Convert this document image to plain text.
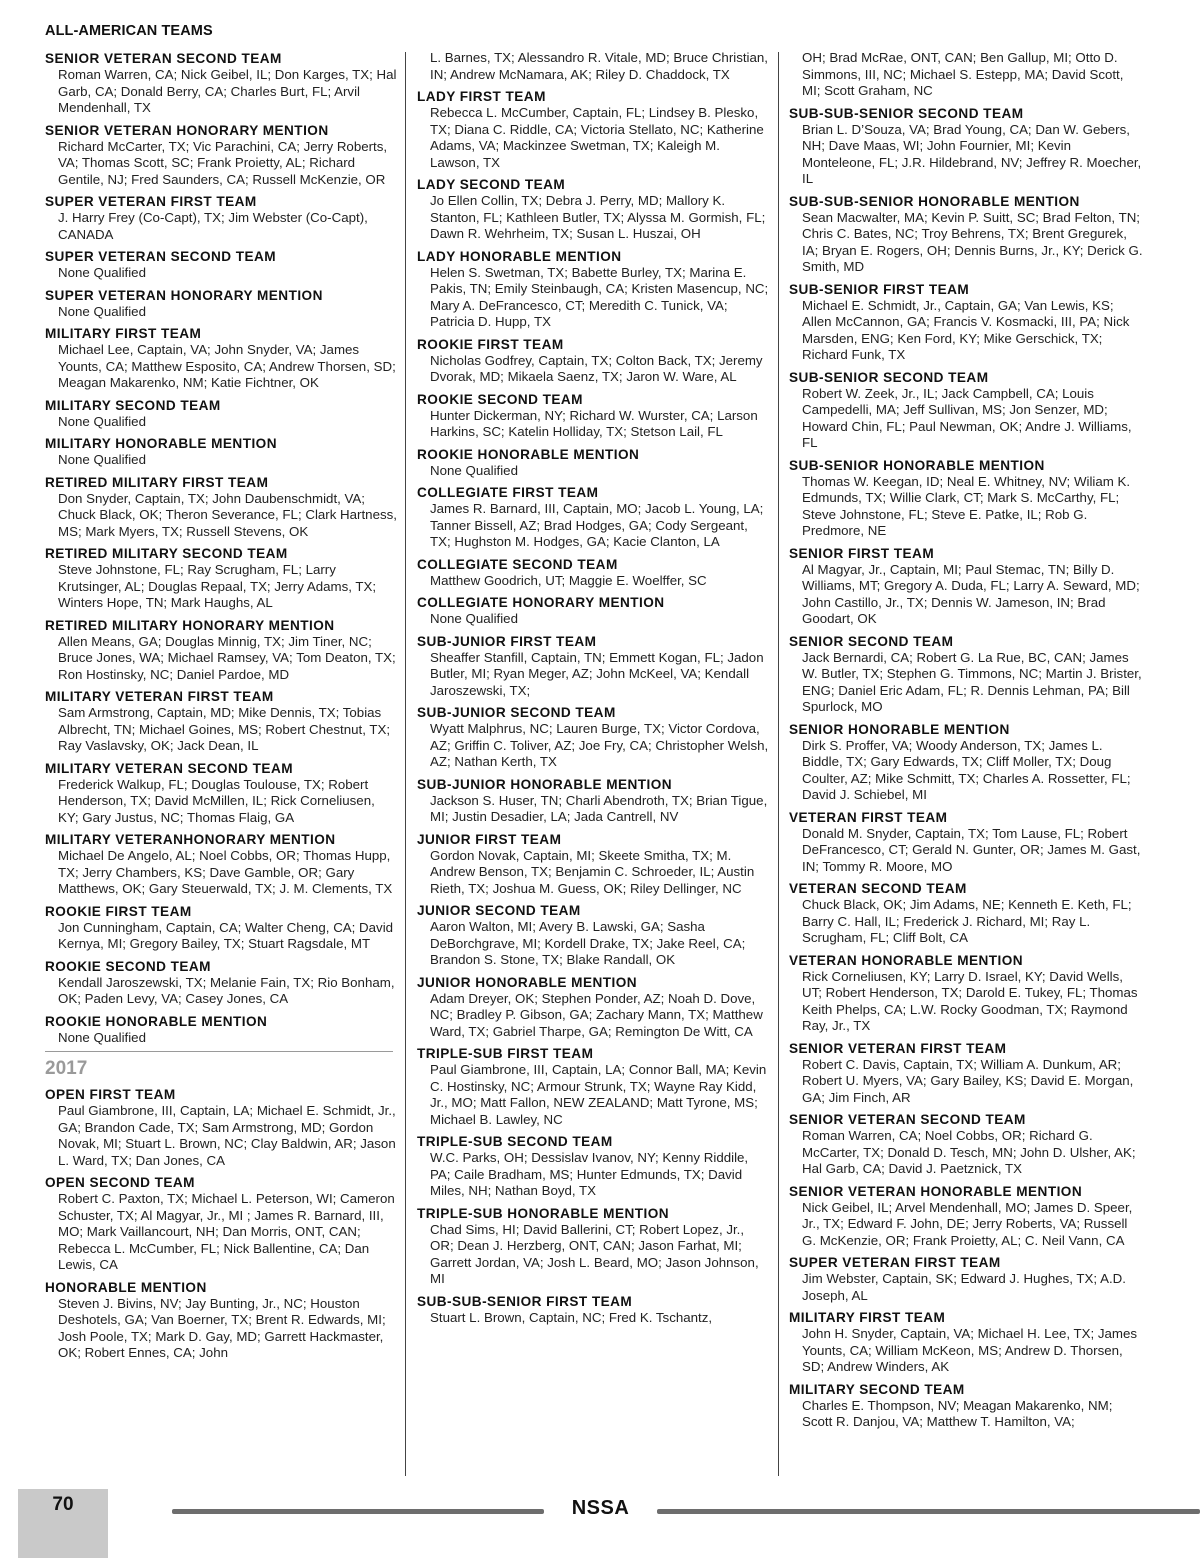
ALL-AMERICAN TEAMS
SENIOR VETERAN SECOND TEAM
Roman Warren, CA; Nick Geibel, IL; Don Karges, TX; Hal Garb, CA; Donald Berry, CA; Charles Burt, FL; Arvil Mendenhall, TX
SENIOR VETERAN HONORARY MENTION
Richard McCarter, TX; Vic Parachini, CA; Jerry Roberts, VA; Thomas Scott, SC; Frank Proietty, AL; Richard Gentile, NJ; Fred Saunders, CA; Russell McKenzie, OR
SUPER VETERAN FIRST TEAM
J. Harry Frey (Co-Capt), TX; Jim Webster (Co-Capt), CANADA
SUPER VETERAN SECOND TEAM
None Qualified
SUPER VETERAN HONORARY MENTION
None Qualified
MILITARY FIRST TEAM
Michael Lee, Captain, VA; John Snyder, VA; James Younts, CA; Matthew Esposito, CA; Andrew Thorsen, SD; Meagan Makarenko, NM; Katie Fichtner, OK
MILITARY SECOND TEAM
None Qualified
MILITARY HONORABLE MENTION
None Qualified
RETIRED MILITARY FIRST TEAM
Don Snyder, Captain, TX; John Daubenschmidt, VA; Chuck Black, OK; Theron Severance, FL; Clark Hartness, MS; Mark Myers, TX; Russell Stevens, OK
RETIRED MILITARY SECOND TEAM
Steve Johnstone, FL; Ray Scrugham, FL; Larry Krutsinger, AL; Douglas Repaal, TX; Jerry Adams, TX; Winters Hope, TN; Mark Haughs, AL
RETIRED MILITARY HONORARY MENTION
Allen Means, GA; Douglas Minnig, TX; Jim Tiner, NC; Bruce Jones, WA; Michael Ramsey, VA; Tom Deaton, TX; Ron Hostinsky, NC; Daniel Pardoe, MD
MILITARY VETERAN FIRST TEAM
Sam Armstrong, Captain, MD; Mike Dennis, TX; Tobias Albrecht, TN; Michael Goines, MS; Robert Chestnut, TX; Ray Vaslavsky, OK; Jack Dean, IL
MILITARY VETERAN SECOND TEAM
Frederick Walkup, FL; Douglas Toulouse, TX; Robert Henderson, TX; David McMillen, IL; Rick Corneliusen, KY; Gary Justus, NC; Thomas Flaig, GA
MILITARY VETERANHONORARY MENTION
Michael De Angelo, AL; Noel Cobbs, OR; Thomas Hupp, TX; Jerry Chambers, KS; Dave Gamble, OR; Gary Matthews, OK; Gary Steuerwald, TX; J. M. Clements, TX
ROOKIE FIRST TEAM
Jon Cunningham, Captain, CA; Walter Cheng, CA; David Kernya, MI; Gregory Bailey, TX; Stuart Ragsdale, MT
ROOKIE SECOND TEAM
Kendall Jaroszewski, TX; Melanie Fain, TX; Rio Bonham, OK; Paden Levy, VA; Casey Jones, CA
ROOKIE HONORABLE MENTION
None Qualified
2017
OPEN FIRST TEAM
Paul Giambrone, III, Captain, LA; Michael E. Schmidt, Jr., GA; Brandon Cade, TX; Sam Armstrong, MD; Gordon Novak, MI; Stuart L. Brown, NC; Clay Baldwin, AR; Jason L. Ward, TX; Dan Jones, CA
OPEN SECOND TEAM
Robert C. Paxton, TX; Michael L. Peterson, WI; Cameron Schuster, TX; Al Magyar, Jr., MI ; James R. Barnard, III, MO; Mark Vaillancourt, NH; Dan Morris, ONT, CAN; Rebecca L. McCumber, FL; Nick Ballentine, CA; Dan Lewis, CA
HONORABLE MENTION
Steven J. Bivins, NV; Jay Bunting, Jr., NC; Houston Deshotels, GA; Van Boerner, TX; Brent R. Edwards, MI; Josh Poole, TX; Mark D. Gay, MD; Garrett Hackmaster, OK; Robert Ennes, CA; John
L. Barnes, TX; Alessandro R. Vitale, MD; Bruce Christian, IN; Andrew McNamara, AK; Riley D. Chaddock, TX
LADY FIRST TEAM
Rebecca L. McCumber, Captain, FL; Lindsey B. Plesko, TX; Diana C. Riddle, CA; Victoria Stellato, NC; Katherine Adams, VA; Mackinzee Swetman, TX; Kaleigh M. Lawson, TX
LADY SECOND TEAM
Jo Ellen Collin, TX; Debra J. Perry, MD; Mallory K. Stanton, FL; Kathleen Butler, TX; Alyssa M. Gormish, FL; Dawn R. Wehrheim, TX; Susan L. Huszai, OH
LADY HONORABLE MENTION
Helen S. Swetman, TX; Babette Burley, TX; Marina E. Pakis, TN; Emily Steinbaugh, CA; Kristen Masencup, NC; Mary A. DeFrancesco, CT; Meredith C. Tunick, VA; Patricia D. Hupp, TX
ROOKIE FIRST TEAM
Nicholas Godfrey, Captain, TX; Colton Back, TX; Jeremy Dvorak, MD; Mikaela Saenz, TX; Jaron W. Ware, AL
ROOKIE SECOND TEAM
Hunter Dickerman, NY; Richard W. Wurster, CA; Larson Harkins, SC; Katelin Holliday, TX; Stetson Lail, FL
ROOKIE HONORABLE MENTION
None Qualified
COLLEGIATE FIRST TEAM
James R. Barnard, III, Captain, MO; Jacob L. Young, LA; Tanner Bissell, AZ; Brad Hodges, GA; Cody Sergeant, TX; Hughston M. Hodges, GA; Kacie Clanton, LA
COLLEGIATE SECOND TEAM
Matthew Goodrich, UT; Maggie E. Woelffer, SC
COLLEGIATE HONORARY MENTION
None Qualified
SUB-JUNIOR FIRST TEAM
Sheaffer Stanfill, Captain, TN; Emmett Kogan, FL; Jadon Butler, MI; Ryan Meger, AZ; John McKeel, VA; Kendall Jaroszewski, TX;
SUB-JUNIOR SECOND TEAM
Wyatt Malphrus, NC; Lauren Burge, TX; Victor Cordova, AZ; Griffin C. Toliver, AZ; Joe Fry, CA; Christopher Welsh, AZ; Nathan Kerth, TX
SUB-JUNIOR HONORABLE MENTION
Jackson S. Huser, TN; Charli Abendroth, TX; Brian Tigue, MI; Justin Desadier, LA; Jada Cantrell, NV
JUNIOR FIRST TEAM
Gordon Novak, Captain, MI; Skeete Smitha, TX; M. Andrew Benson, TX; Benjamin C. Schroeder, IL; Austin Rieth, TX; Joshua M. Guess, OK; Riley Dellinger, NC
JUNIOR SECOND TEAM
Aaron Walton, MI; Avery B. Lawski, GA; Sasha DeBorchgrave, MI; Kordell Drake, TX; Jake Reel, CA; Brandon S. Stone, TX; Blake Randall, OK
JUNIOR HONORABLE MENTION
Adam Dreyer, OK; Stephen Ponder, AZ; Noah D. Dove, NC; Bradley P. Gibson, GA; Zachary Mann, TX; Matthew Ward, TX; Gabriel Tharpe, GA; Remington De Witt, CA
TRIPLE-SUB FIRST TEAM
Paul Giambrone, III, Captain, LA; Connor Ball, MA; Kevin C. Hostinsky, NC; Armour Strunk, TX; Wayne Ray Kidd, Jr., MO; Matt Fallon, NEW ZEALAND; Matt Tyrone, MS; Michael B. Lawley, NC
TRIPLE-SUB SECOND TEAM
W.C. Parks, OH; Dessislav Ivanov, NY; Kenny Riddile, PA; Caile Bradham, MS; Hunter Edmunds, TX; David Miles, NH; Nathan Boyd, TX
TRIPLE-SUB HONORABLE MENTION
Chad Sims, HI; David Ballerini, CT; Robert Lopez, Jr., OR; Dean J. Herzberg, ONT, CAN; Jason Farhat, MI; Garrett Jordan, VA; Josh L. Beard, MO; Jason Johnson, MI
SUB-SUB-SENIOR FIRST TEAM
Stuart L. Brown, Captain, NC; Fred K. Tschantz,
OH; Brad McRae, ONT, CAN; Ben Gallup, MI; Otto D. Simmons, III, NC; Michael S. Estepp, MA; David Scott, MI; Scott Graham, NC
SUB-SUB-SENIOR SECOND TEAM
Brian L. D’Souza, VA; Brad Young, CA; Dan W. Gebers, NH; Dave Maas, WI; John Fournier, MI; Kevin Monteleone, FL; J.R. Hildebrand, NV; Jeffrey R. Moecher, IL
SUB-SUB-SENIOR HONORABLE MENTION
Sean Macwalter, MA; Kevin P. Suitt, SC; Brad Felton, TN; Chris C. Bates, NC; Troy Behrens, TX; Brent Gregurek, IA; Bryan E. Rogers, OH; Dennis Burns, Jr., KY; Derick G. Smith, MD
SUB-SENIOR FIRST TEAM
Michael E. Schmidt, Jr., Captain, GA; Van Lewis, KS; Allen McCannon, GA; Francis V. Kosmacki, III, PA; Nick Marsden, ENG; Ken Ford, KY; Mike Gerschick, TX; Richard Funk, TX
SUB-SENIOR SECOND TEAM
Robert W. Zeek, Jr., IL; Jack Campbell, CA; Louis Campedelli, MA; Jeff Sullivan, MS; Jon Senzer, MD; Howard Chin, FL; Paul Newman, OK; Andre J. Williams, FL
SUB-SENIOR HONORABLE MENTION
Thomas W. Keegan, ID; Neal E. Whitney, NV; Wiliam K. Edmunds, TX; Willie Clark, CT; Mark S. McCarthy, FL; Steve Johnstone, FL; Steve E. Patke, IL; Rob G. Predmore, NE
SENIOR FIRST TEAM
Al Magyar, Jr., Captain, MI; Paul Stemac, TN; Billy D. Williams, MT; Gregory A. Duda, FL; Larry A. Seward, MD; John Castillo, Jr., TX; Dennis W. Jameson, IN; Brad Goodart, OK
SENIOR SECOND TEAM
Jack Bernardi, CA; Robert G. La Rue, BC, CAN; James W. Butler, TX; Stephen G. Timmons, NC; Martin J. Brister, ENG; Daniel Eric Adam, FL; R. Dennis Lehman, PA; Bill Spurlock, MO
SENIOR HONORABLE MENTION
Dirk S. Proffer, VA; Woody Anderson, TX; James L. Biddle, TX; Gary Edwards, TX; Cliff Moller, TX; Doug Coulter, AZ; Mike Schmitt, TX; Charles A. Rossetter, FL; David J. Schiebel, MI
VETERAN FIRST TEAM
Donald M. Snyder, Captain, TX; Tom Lause, FL; Robert DeFrancesco, CT; Gerald N. Gunter, OR; James M. Gast, IN; Tommy R. Moore, MO
VETERAN SECOND TEAM
Chuck Black, OK; Jim Adams, NE; Kenneth E. Keth, FL; Barry C. Hall, IL; Frederick J. Richard, MI; Ray L. Scrugham, FL; Cliff Bolt, CA
VETERAN HONORABLE MENTION
Rick Corneliusen, KY; Larry D. Israel, KY; David Wells, UT; Robert Henderson, TX; Darold E. Tukey, FL; Thomas Keith Phelps, CA; L.W. Rocky Goodman, TX; Raymond Ray, Jr., TX
SENIOR VETERAN FIRST TEAM
Robert C. Davis, Captain, TX; William A. Dunkum, AR; Robert U. Myers, VA; Gary Bailey, KS; David E. Morgan, GA; Jim Finch, AR
SENIOR VETERAN SECOND TEAM
Roman Warren, CA; Noel Cobbs, OR; Richard G. McCarter, TX; Donald D. Tesch, MN; John D. Ulsher, AK; Hal Garb, CA; David J. Paetznick, TX
SENIOR VETERAN HONORABLE MENTION
Nick Geibel, IL; Arvel Mendenhall, MO; James D. Speer, Jr., TX; Edward F. John, DE; Jerry Roberts, VA; Russell G. McKenzie, OR; Frank Proietty, AL; C. Neil Vann, CA
SUPER VETERAN FIRST TEAM
Jim Webster, Captain, SK; Edward J. Hughes, TX; A.D. Joseph, AL
MILITARY FIRST TEAM
John H. Snyder, Captain, VA; Michael H. Lee, TX; James Younts, CA; William McKeon, MS; Andrew D. Thorsen, SD; Andrew Winders, AK
MILITARY SECOND TEAM
Charles E. Thompson, NV; Meagan Makarenko, NM; Scott R. Danjou, VA; Matthew T. Hamilton, VA;
70	NSSA
